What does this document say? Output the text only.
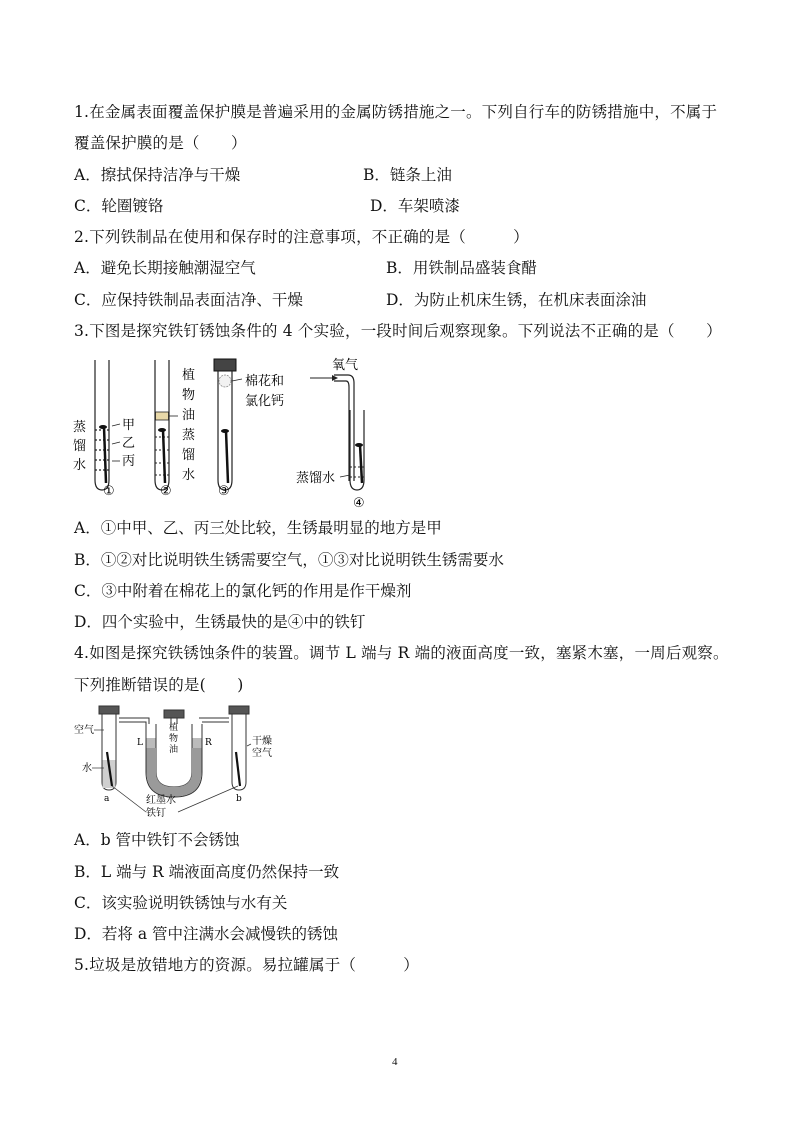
1.在金属表面覆盖保护膜是普遍采用的金属防锈措施之一。下列自行车的防锈措施中，不属于
覆盖保护膜的是（　　）
A．擦拭保持洁净与干燥	B．链条上油
C．轮圈镀铬	D．车架喷漆
2.下列铁制品在使用和保存时的注意事项，不正确的是（　　　）
A．避免长期接触潮湿空气	B．用铁制品盛装食醋
C．应保持铁制品表面洁净、干燥	D．为防止机床生锈，在机床表面涂油
3.下图是探究铁钉锈蚀条件的 4 个实验，一段时间后观察现象。下列说法不正确的是（　　）
甲
乙
丙
蒸
馏
水
①
植
物
油
蒸
馏
水
②
棉花和
氯化钙
③
氧气
蒸馏水
④
A．①中甲、乙、丙三处比较，生锈最明显的地方是甲
B．①②对比说明铁生锈需要空气，①③对比说明铁生锈需要水
C．③中附着在棉花上的氯化钙的作用是作干燥剂
D．四个实验中，生锈最快的是④中的铁钉
4.如图是探究铁锈蚀条件的装置。调节 L 端与 R 端的液面高度一致，塞紧木塞，一周后观察。
下列推断错误的是(　　)
空气
水
a	b
L	R
植
物
油
干燥
空气
红墨水
铁钉
A．b 管中铁钉不会锈蚀
B．L 端与 R 端液面高度仍然保持一致
C．该实验说明铁锈蚀与水有关
D．若将 a 管中注满水会减慢铁的锈蚀
5.垃圾是放错地方的资源。易拉罐属于（　　　）
4
